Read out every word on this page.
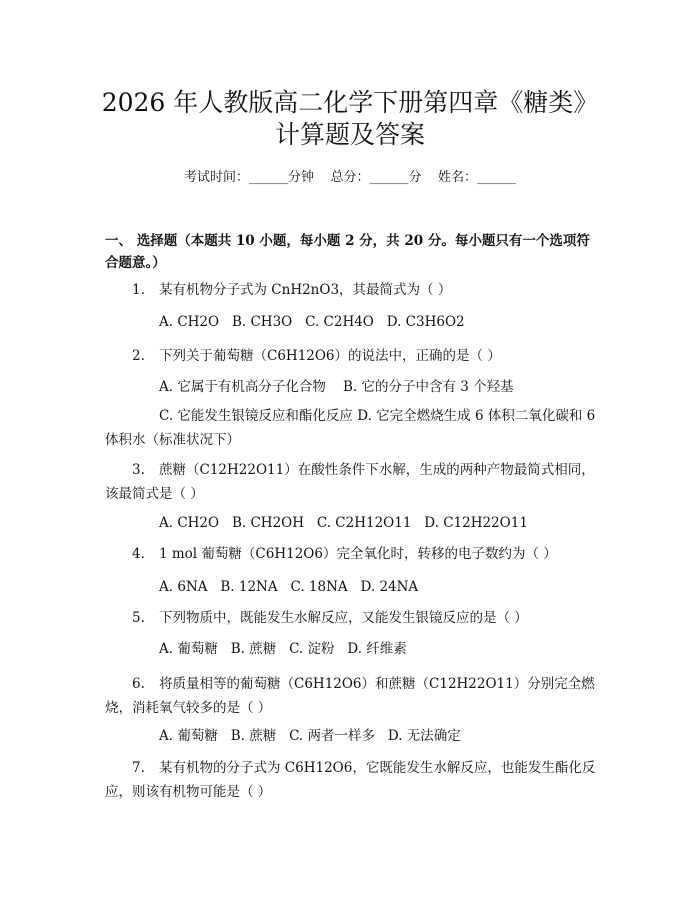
2026 年人教版高二化学下册第四章《糖类》
计算题及答案
考试时间：______分钟    总分：______分    姓名：______

一、 选择题（本题共 10 小题，每小题 2 分，共 20 分。每小题只有一个选项符合题意。）

1. 某有机物分子式为 CnH2nO3，其最简式为（ ）

A. CH2O   B. CH3O   C. C2H4O   D. C3H6O2

2. 下列关于葡萄糖（C6H12O6）的说法中，正确的是（ ）

A. 它属于有机高分子化合物    B. 它的分子中含有 3 个羟基

C. 它能发生银镜反应和酯化反应 D. 它完全燃烧生成 6 体积二氧化碳和 6 体积水（标准状况下）

3. 蔗糖（C12H22O11）在酸性条件下水解，生成的两种产物最简式相同，该最简式是（ ）

A. CH2O   B. CH2OH   C. C2H12O11   D. C12H22O11

4. 1 mol 葡萄糖（C6H12O6）完全氧化时，转移的电子数约为（ ）

A. 6NA   B. 12NA   C. 18NA   D. 24NA

5. 下列物质中，既能发生水解反应，又能发生银镜反应的是（ ）

A. 葡萄糖   B. 蔗糖   C. 淀粉   D. 纤维素

6. 将质量相等的葡萄糖（C6H12O6）和蔗糖（C12H22O11）分别完全燃烧，消耗氧气较多的是（ ）

A. 葡萄糖   B. 蔗糖   C. 两者一样多   D. 无法确定

7. 某有机物的分子式为 C6H12O6，它既能发生水解反应，也能发生酯化反应，则该有机物可能是（ ）
